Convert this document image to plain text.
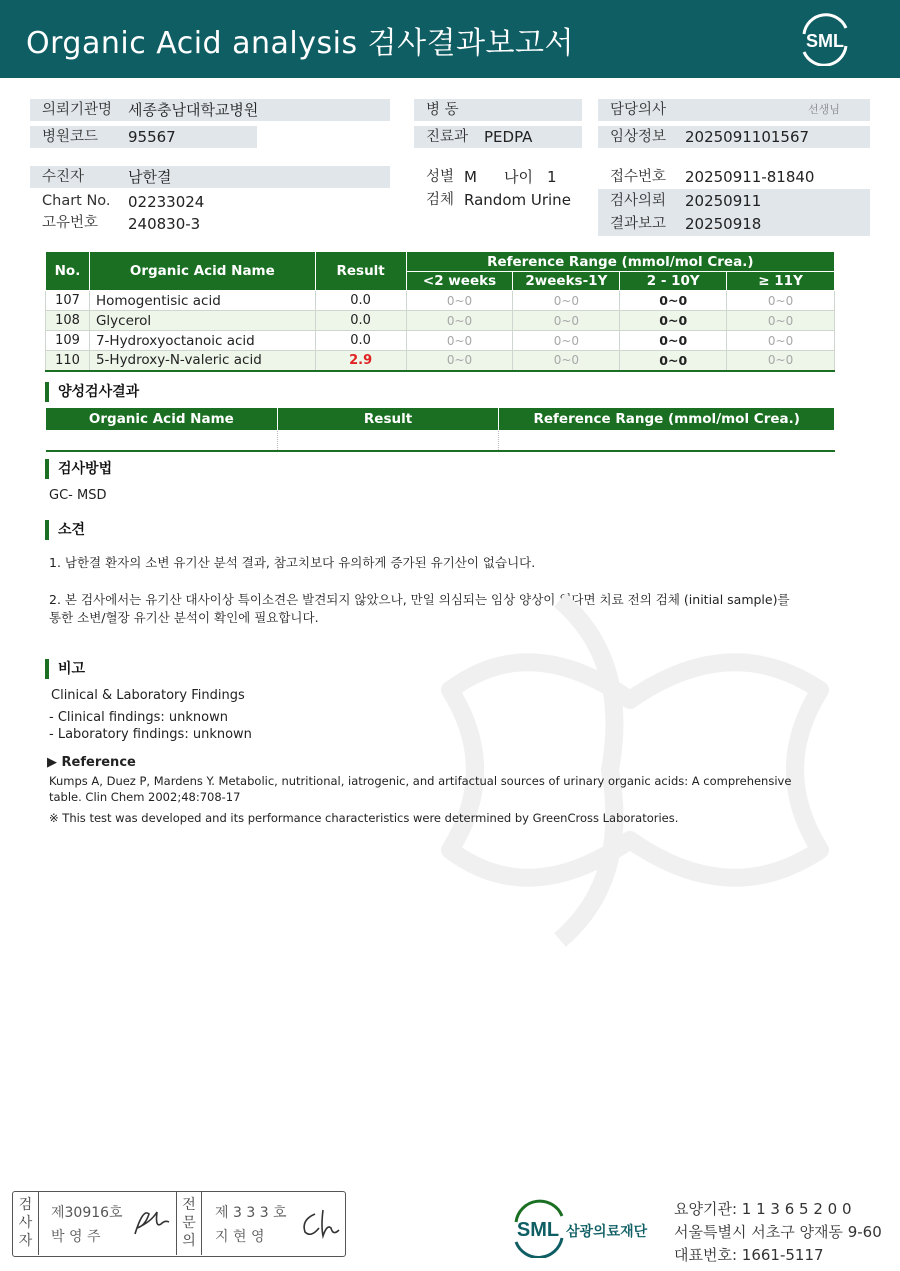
Organic Acid analysis 검사결과보고서	SML
의뢰기관명	세종충남대학교병원
병원코드	95567
병 동
진료과	PEDPA
담당의사	선생님
임상정보	2025091101567
수진자	남한결
Chart No. 02233024
고유번호 240830-3
성별 M 나이 1
검체 Random Urine
접수번호 20250911-81840
검사의뢰 20250911
결과보고 20250918
No.	Organic Acid Name	Result	Reference Range (mmol/mol Crea.)			
			<2 weeks	2weeks-1Y	2 - 10Y	≥ 11Y
107	Homogentisic acid	0.0	0~0	0~0	0~0	0~0
108	Glycerol	0.0	0~0	0~0	0~0	0~0
109	7-Hydroxyoctanoic acid	0.0	0~0	0~0	0~0	0~0
110	5-Hydroxy-N-valeric acid	2.9	0~0	0~0	0~0	0~0
양성검사결과
Organic Acid Name	Result	Reference Range (mmol/mol Crea.)

검사방법
GC- MSD
소견
1. 남한결 환자의 소변 유기산 분석 결과, 참고치보다 유의하게 증가된 유기산이 없습니다.
2. 본 검사에서는 유기산 대사이상 특이소견은 발견되지 않았으나, 만일 의심되는 임상 양상이 있다면 치료 전의 검체 (initial sample)를
통한 소변/혈장 유기산 분석이 확인에 필요합니다.
비고
Clinical & Laboratory Findings
- Clinical findings: unknown
- Laboratory findings: unknown
▶ Reference
Kumps A, Duez P, Mardens Y. Metabolic, nutritional, iatrogenic, and artifactual sources of urinary organic acids: A comprehensive
table. Clin Chem 2002;48:708-17
※ This test was developed and its performance characteristics were determined by GreenCross Laboratories.
검
사
자
제30916호
박 영 주
전
문
의
제 3 3 3 호
지 현 영	SML 삼광의료재단
요양기관: 1 1 3 6 5 2 0 0
서울특별시 서초구 양재동 9-60
대표번호: 1661-5117
